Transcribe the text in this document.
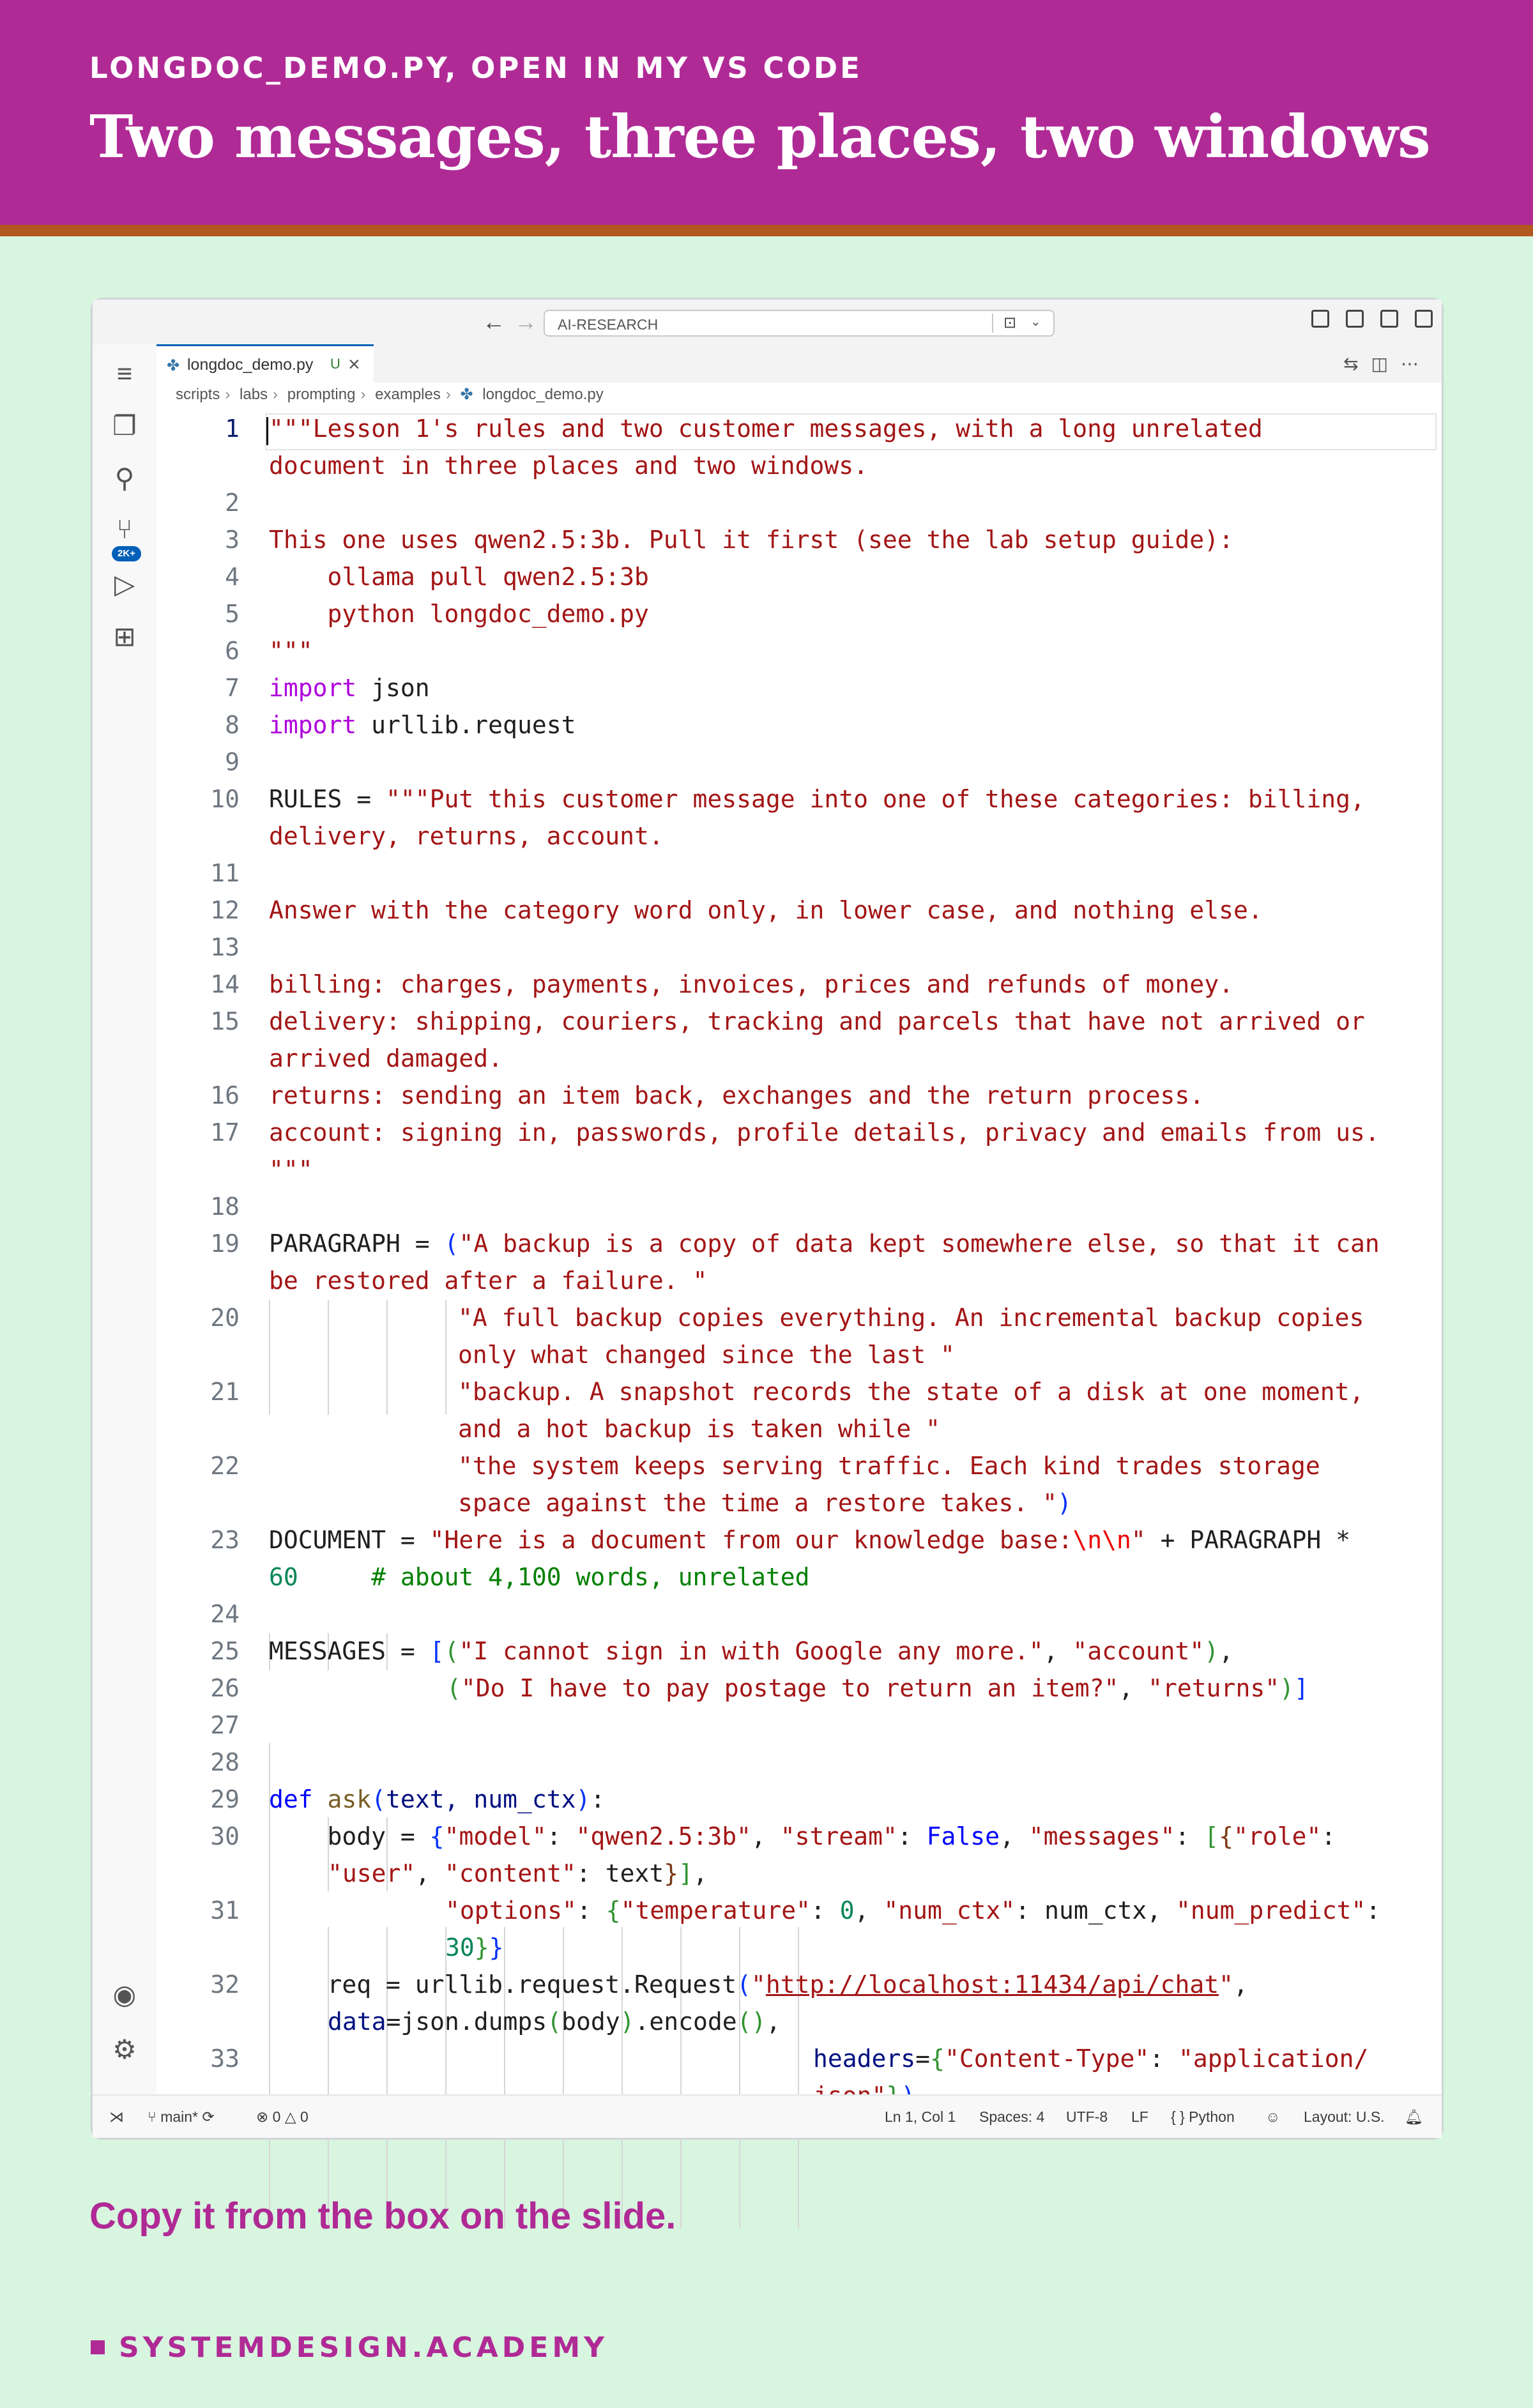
LONGDOC_DEMO.PY, OPEN IN MY VS CODE
Two messages, three places, two windows
← → AI-RESEARCH	⊡ ⌄
≡
❐
⚲
⑂
2K+
▷
⊞
◉
⚙
✤ longdoc_demo.py U ×	⇆◫⋯
scripts › labs › prompting › examples › ✤ longdoc_demo.py
1 """Lesson 1's rules and two customer messages, with a long unrelated
document in three places and two windows.
2
3 This one uses qwen2.5:3b. Pull it first (see the lab setup guide):
4 ollama pull qwen2.5:3b
5 python longdoc_demo.py
6 """
7 import json
8 import urllib.request
9
10 RULES = """Put this customer message into one of these categories: billing,
delivery, returns, account.
11
12 Answer with the category word only, in lower case, and nothing else.
13
14 billing: charges, payments, invoices, prices and refunds of money.
15 delivery: shipping, couriers, tracking and parcels that have not arrived or
arrived damaged.
16 returns: sending an item back, exchanges and the return process.
17 account: signing in, passwords, profile details, privacy and emails from us.
"""
18
19 PARAGRAPH = ("A backup is a copy of data kept somewhere else, so that it can
be restored after a failure. "
20	"A full backup copies everything. An incremental backup copies
only what changed since the last "
21	"backup. A snapshot records the state of a disk at one moment,
and a hot backup is taken while "
22	"the system keeps serving traffic. Each kind trades storage
space against the time a restore takes. ")
23 DOCUMENT = "Here is a document from our knowledge base:\n\n" + PARAGRAPH *
60     # about 4,100 words, unrelated
24
25 MESSAGES = [("I cannot sign in with Google any more.", "account"),
26	("Do I have to pay postage to return an item?", "returns")]
27
28
29 def ask(text, num_ctx):
30 body = {"model": "qwen2.5:3b", "stream": False, "messages": [{"role":
"user", "content": text}],
31	"options": {"temperature": 0, "num_ctx": num_ctx, "num_predict":
30}}
32 req = urllib.request.Request("http://localhost:11434/api/chat",
data=json.dumps(body).encode(),
33	headers={"Content-Type": "application/
⋊ ⑂ main* ⟳	⊗ 0 △ 0	Ln 1, Col 1 Spaces: 4 UTF-8 LF { } Python ☺ Layout: U.S. 🔔︎
Copy it from the box on the slide.
SYSTEMDESIGN.ACADEMY
